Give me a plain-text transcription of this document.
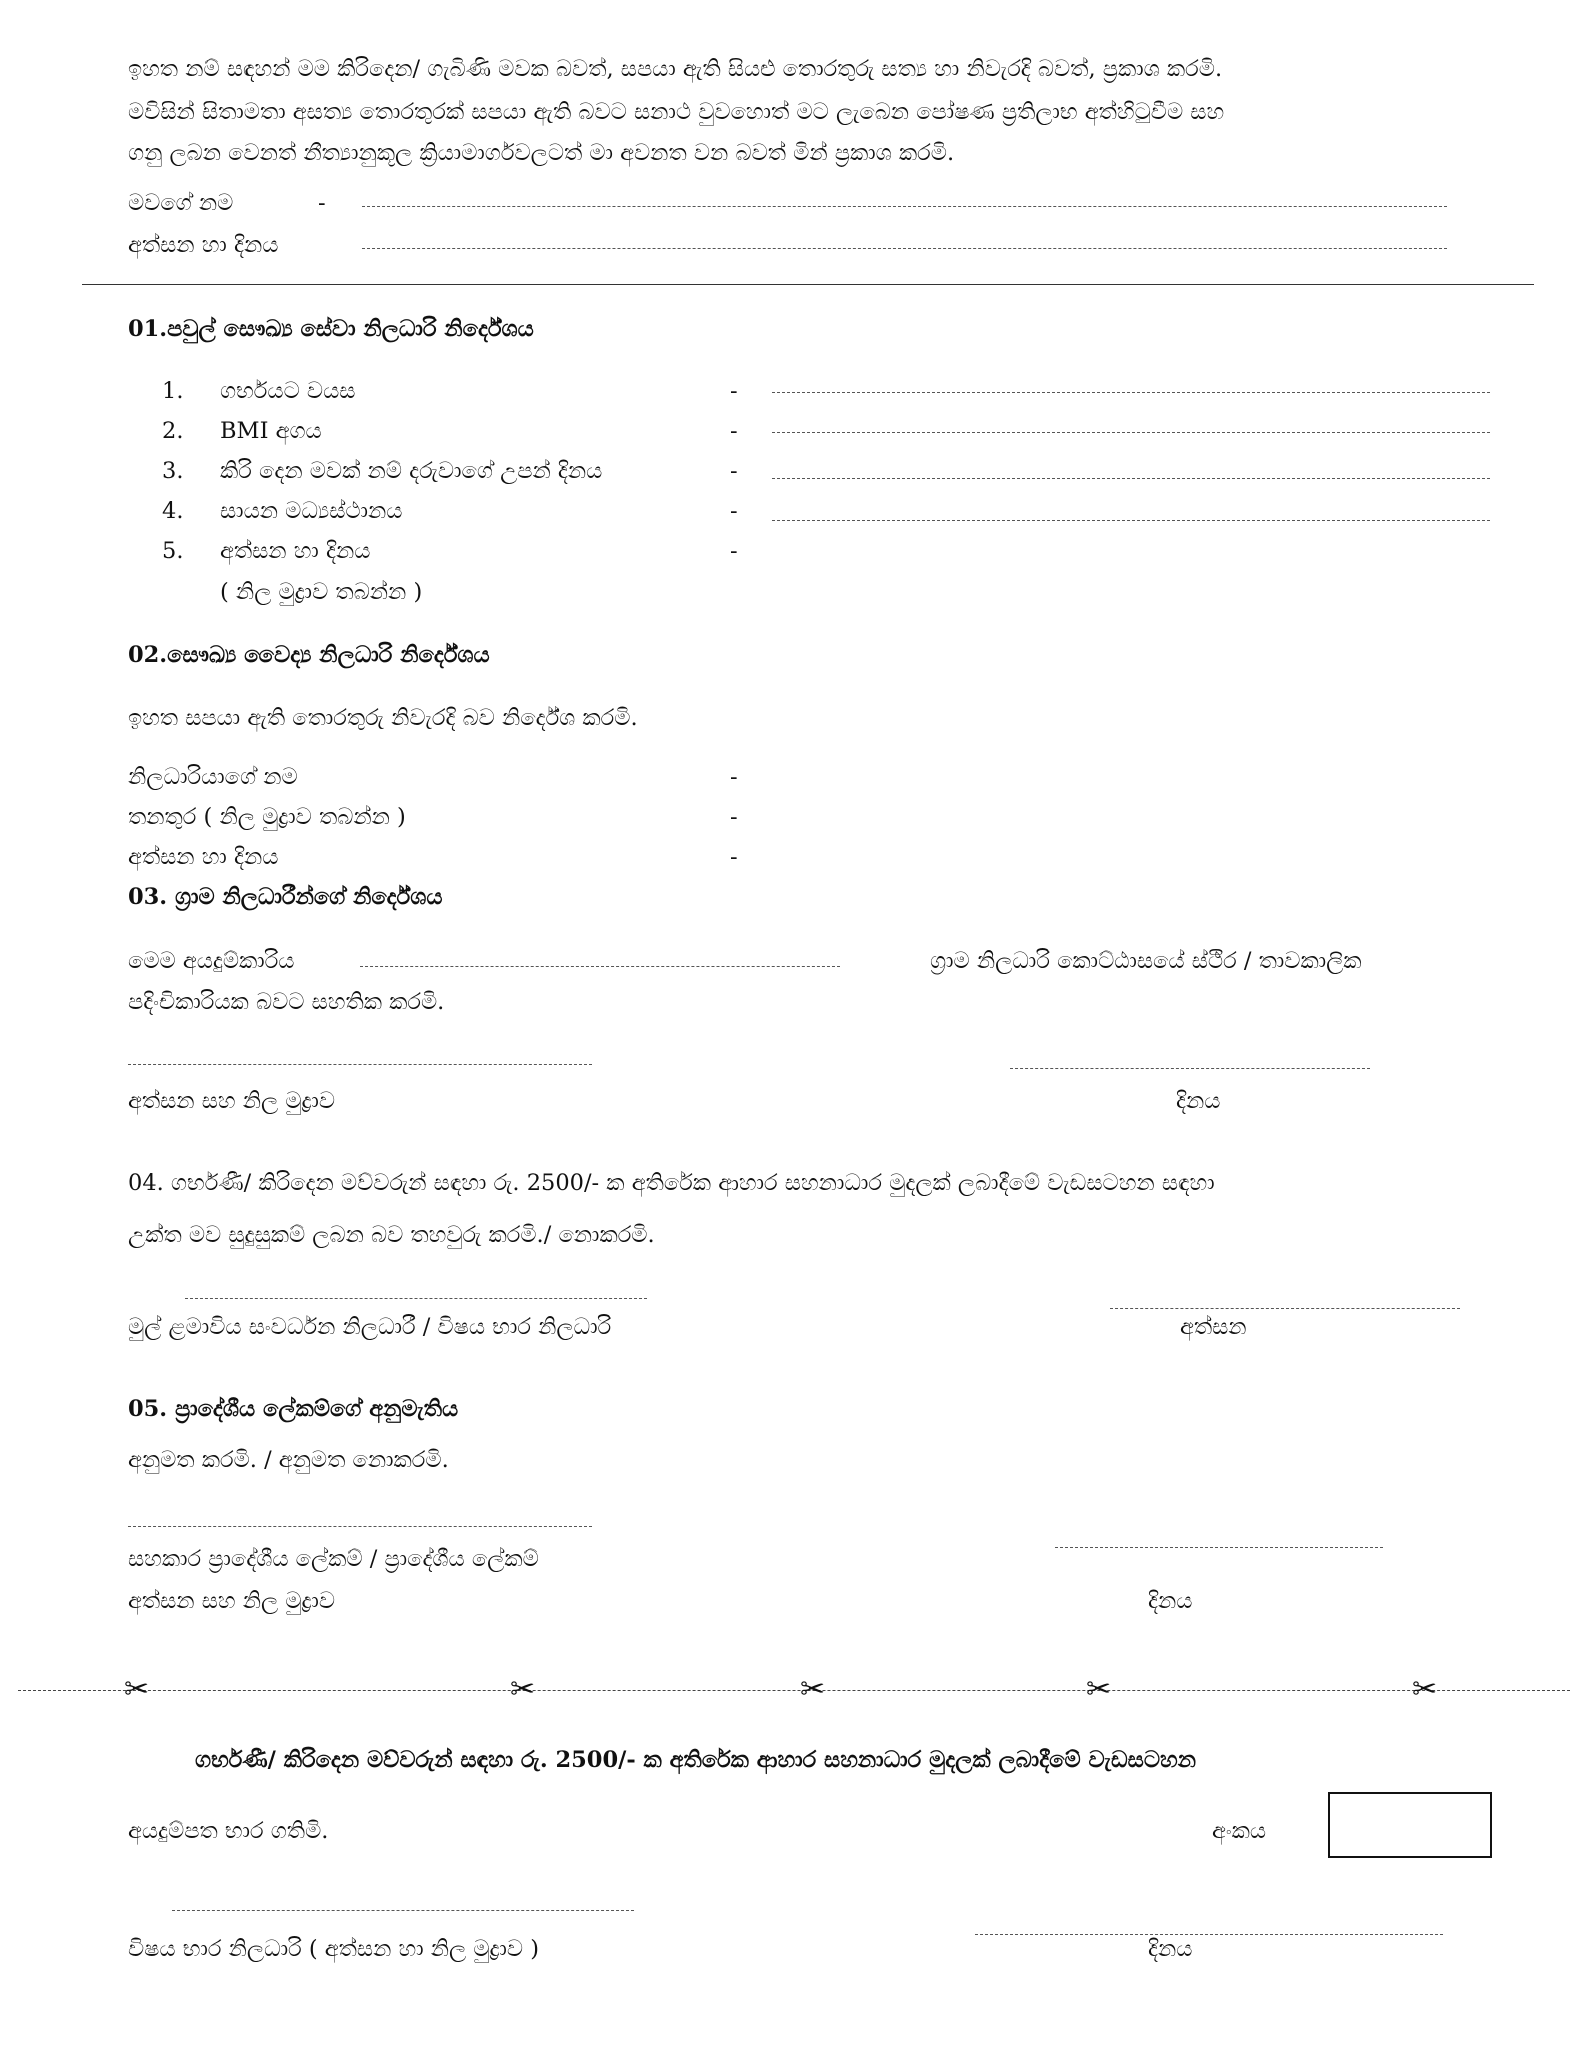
ඉහත නම් සඳහන් මම කිරිදෙන/ ගැබිණි මවක බවත්, සපයා ඇති සියළු තොරතුරු සත්‍ය හා නිවැරදි බවත්, ප්‍රකාශ කරමි.
මවිසින් සිතාමතා අසත්‍ය තොරතුරක් සපයා ඇති බවට සනාථ වුවහොත් මට ලැබෙන පෝෂණ ප්‍රතිලාභ අත්හිටුවීම සහ
ගනු ලබන වෙනත් නීත්‍යානුකූල ක්‍රියාමාර්ගවලටත් මා අවනත වන බවත් මින් ප්‍රකාශ කරමි.
මවගේ නම	-
අත්සන හා දිනය
01.පවුල් සෞඛ්‍ය සේවා නිලධාරි නිර්දේශය
1. ගර්භයට වයස	-
2. BMI අගය	-
3. කිරි දෙන මවක් නම් දරුවාගේ උපන් දිනය	-
4. සායන මධ්‍යස්ථානය	-
5. අත්සන හා දිනය	-
( නිල මුද්‍රාව තබන්න )
02.සෞඛ්‍ය වෛද්‍ය නිලධාරි නිර්දේශය
ඉහත සපයා ඇති තොරතුරු නිවැරදි බව නිර්දේශ කරමි.
නිලධාරියාගේ නම	-
තනතුර ( නිල මුද්‍රාව තබන්න )	-
අත්සන හා දිනය	-
03. ග්‍රාම නිලධාරීන්ගේ නිර්දේශය
මෙම අයදුම්කාරිය	ග්‍රාම නිලධාරි කොට්ඨාසයේ ස්ථිර / තාවකාලික
පදිංචිකාරියක බවට සහතික කරමි.
අත්සන සහ නිල මුද්‍රාව	දිනය
04. ගර්භණී/ කිරිදෙන මව්වරුන් සඳහා රු. 2500/- ක අතිරේක ආහාර සහනාධාර මුදලක් ලබාදීමේ වැඩසටහන සඳහා
උක්ත මව සුදුසුකම් ලබන බව තහවුරු කරමි./ නොකරමි.
මුල් ළමාවිය සංවර්ධන නිලධාරී / විෂය භාර නිලධාරි	අත්සන
05. ප්‍රාදේශීය ලේකම්ගේ අනුමැතිය
අනුමත කරමි. / අනුමත නොකරමි.
සහකාර ප්‍රාදේශීය ලේකම් / ප්‍රාදේශීය ලේකම්
අත්සන සහ නිල මුද්‍රාව	දිනය
✂	✂	✂	✂	✂
ගර්භණී/ කිරිදෙන මව්වරුන් සඳහා රු. 2500/- ක අතිරේක ආහාර සහනාධාර මුදලක් ලබාදීමේ වැඩසටහන
අයදුම්පත භාර ගතිමි.	අංකය
විෂය භාර නිලධාරි ( අත්සන හා නිල මුද්‍රාව )	දිනය
